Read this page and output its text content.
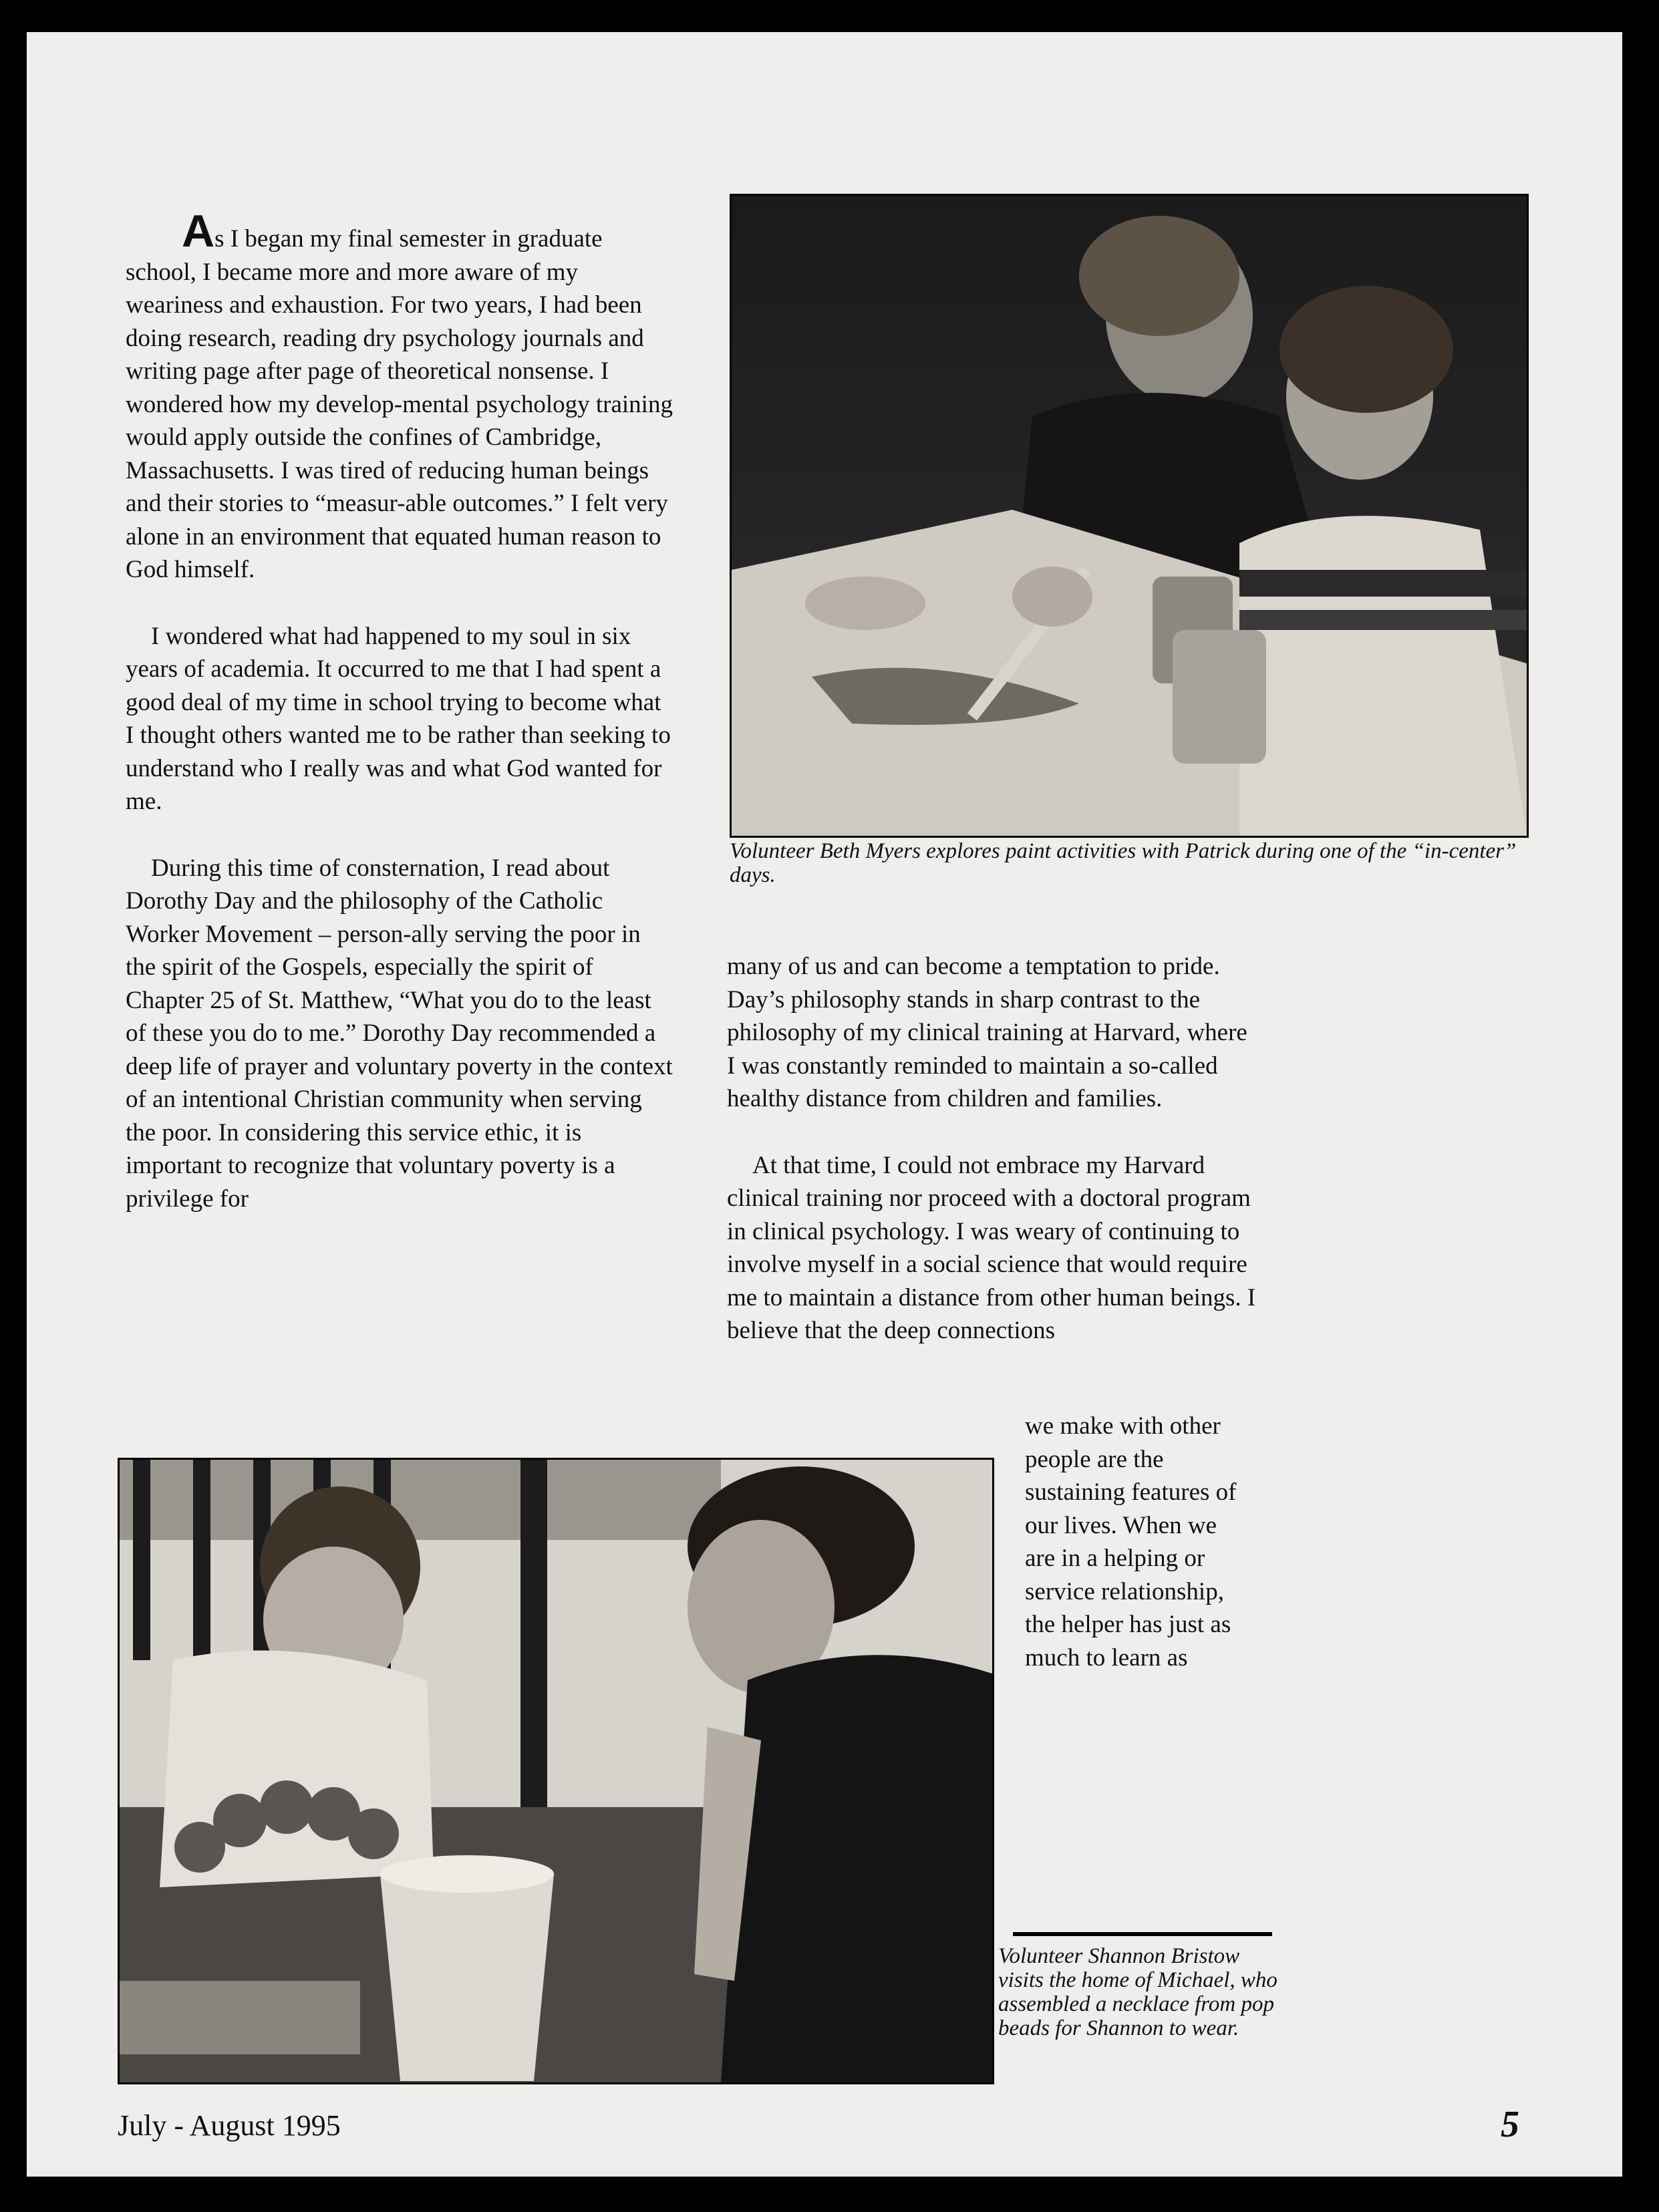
As I began my final semester in graduate school, I became more and more aware of my weariness and exhaustion. For two years, I had been doing research, reading dry psychology journals and writing page after page of theoretical nonsense. I wondered how my develop-mental psychology training would apply outside the confines of Cambridge, Massachusetts. I was tired of reducing human beings and their stories to “measur-able outcomes.” I felt very alone in an environment that equated human reason to God himself.

I wondered what had happened to my soul in six years of academia. It occurred to me that I had spent a good deal of my time in school trying to become what I thought others wanted me to be rather than seeking to understand who I really was and what God wanted for me.

During this time of consternation, I read about Dorothy Day and the philosophy of the Catholic Worker Movement – person-ally serving the poor in the spirit of the Gospels, especially the spirit of Chapter 25 of St. Matthew, “What you do to the least of these you do to me.” Dorothy Day recommended a deep life of prayer and voluntary poverty in the context of an intentional Christian community when serving the poor. In considering this service ethic, it is important to recognize that voluntary poverty is a privilege for

Volunteer Beth Myers explores paint activities with Patrick during one of the “in-center” days.

many of us and can become a temptation to pride. Day’s philosophy stands in sharp contrast to the philosophy of my clinical training at Harvard, where I was constantly reminded to maintain a so-called healthy distance from children and families.

At that time, I could not embrace my Harvard clinical training nor proceed with a doctoral program in clinical psychology. I was weary of continuing to involve myself in a social science that would require me to maintain a distance from other human beings. I believe that the deep connections

we make with other people are the sustaining features of our lives. When we are in a helping or service relationship, the helper has just as much to learn as

Volunteer Shannon Bristow visits the home of Michael, who assembled a necklace from pop beads for Shannon to wear.
July - August 1995	5
